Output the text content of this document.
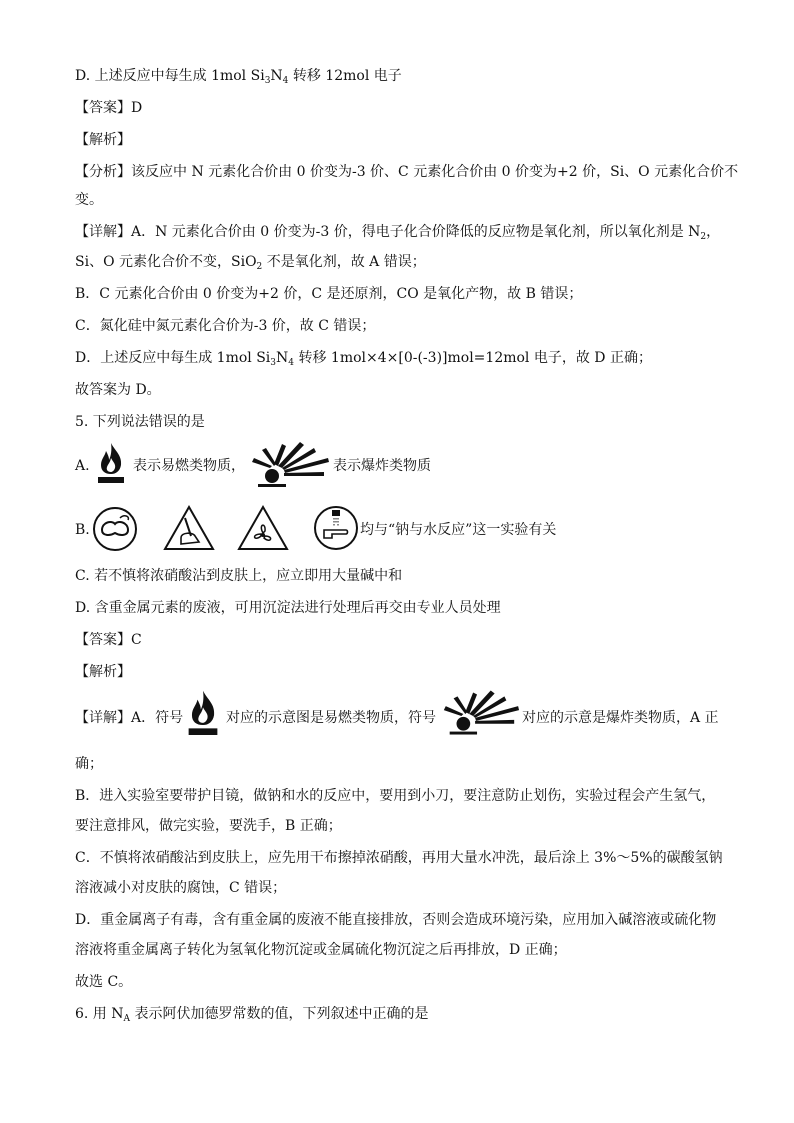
D. 上述反应中每生成 1mol $Si_3N_4$ 转移 12mol 电子
【答案】D
【解析】
【分析】该反应中 N 元素化合价由 0 价变为-3 价、C 元素化合价由 0 价变为+2 价，Si、O 元素化合价不
变。
【详解】A．N 元素化合价由 0 价变为-3 价，得电子化合价降低的反应物是氧化剂，所以氧化剂是 $N_2$，
Si、O 元素化合价不变，SiO$_2$ 不是氧化剂，故 A 错误；
B．C 元素化合价由 0 价变为+2 价，C 是还原剂，CO 是氧化产物，故 B 错误；
C．氮化硅中氮元素化合价为-3 价，故 C 错误；
D．上述反应中每生成 1mol $Si_3N_4$ 转移 1mol×4×[0-(-3)]mol=12mol 电子，故 D 正确；
故答案为 D。
5. 下列说法错误的是
A.	表示易燃类物质，	表示爆炸类物质
B.	均与“钠与水反应”这一实验有关
C. 若不慎将浓硝酸沾到皮肤上，应立即用大量碱中和
D. 含重金属元素的废液，可用沉淀法进行处理后再交由专业人员处理
【答案】C
【解析】
【详解】A．符号	对应的示意图是易燃类物质，符号	对应的示意是爆炸类物质，A 正
确；
B．进入实验室要带护目镜，做钠和水的反应中，要用到小刀，要注意防止划伤，实验过程会产生氢气，
要注意排风，做完实验，要洗手，B 正确；
C．不慎将浓硝酸沾到皮肤上，应先用干布擦掉浓硝酸，再用大量水冲洗，最后涂上 3%～5%的碳酸氢钠
溶液减小对皮肤的腐蚀，C 错误；
D．重金属离子有毒，含有重金属的废液不能直接排放，否则会造成环境污染，应用加入碱溶液或硫化物
溶液将重金属离子转化为氢氧化物沉淀或金属硫化物沉淀之后再排放，D 正确；
故选 C。
6. 用 $N_A$ 表示阿伏加德罗常数的值，下列叙述中正确的是
